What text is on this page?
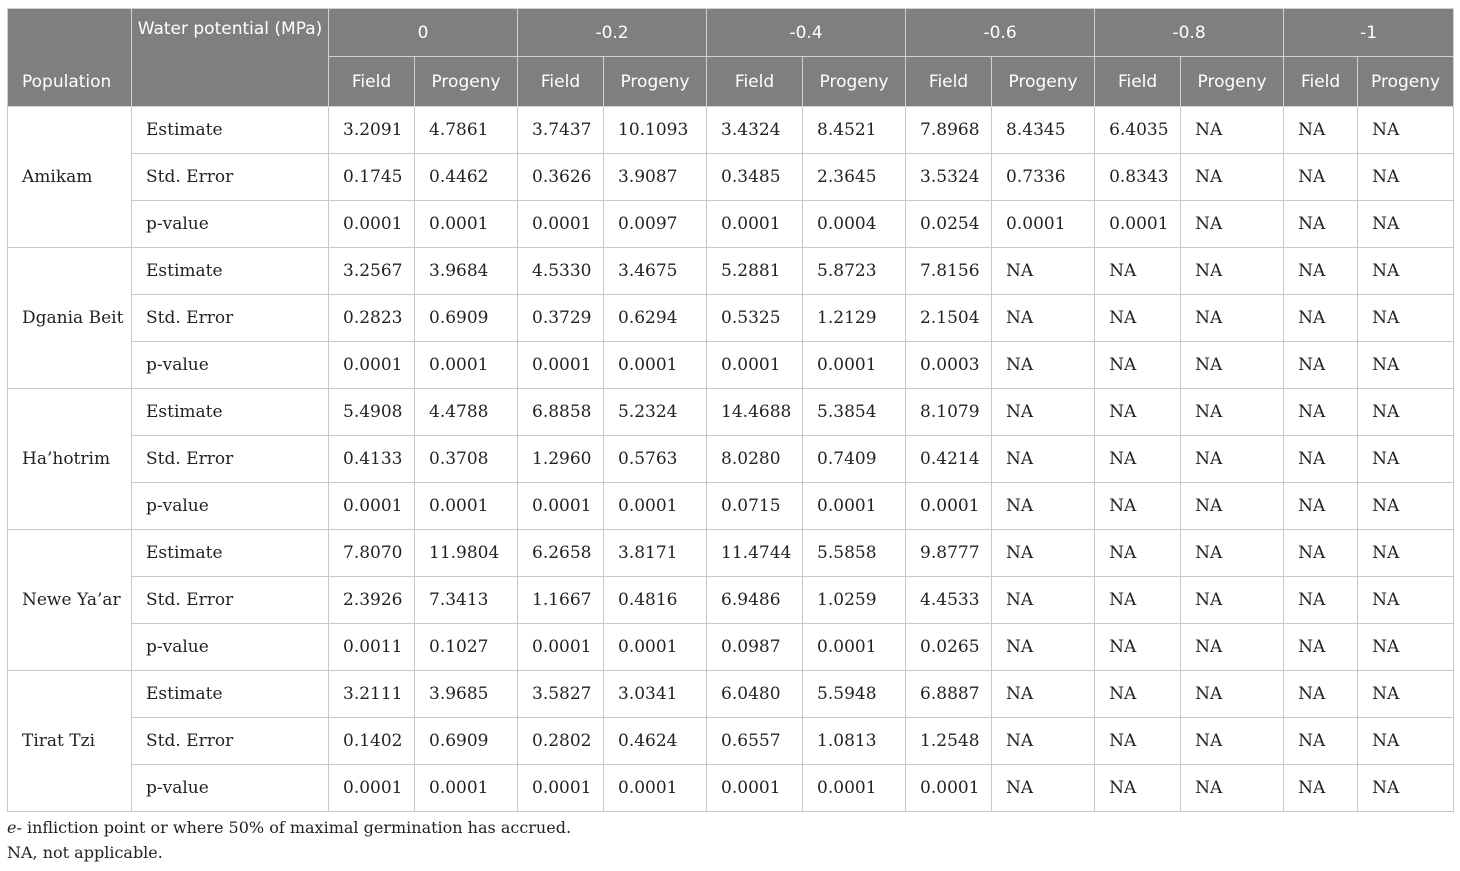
Population	Water potential (MPa)	0		-0.2		-0.4		-0.6		-0.8		-1	
		Field	Progeny	Field	Progeny	Field	Progeny	Field	Progeny	Field	Progeny	Field	Progeny
Amikam	Estimate	3.2091	4.7861	3.7437	10.1093	3.4324	8.4521	7.8968	8.4345	6.4035	NA	NA	NA
	Std. Error	0.1745	0.4462	0.3626	3.9087	0.3485	2.3645	3.5324	0.7336	0.8343	NA	NA	NA
	p-value	0.0001	0.0001	0.0001	0.0097	0.0001	0.0004	0.0254	0.0001	0.0001	NA	NA	NA
Dgania Beit	Estimate	3.2567	3.9684	4.5330	3.4675	5.2881	5.8723	7.8156	NA	NA	NA	NA	NA
	Std. Error	0.2823	0.6909	0.3729	0.6294	0.5325	1.2129	2.1504	NA	NA	NA	NA	NA
	p-value	0.0001	0.0001	0.0001	0.0001	0.0001	0.0001	0.0003	NA	NA	NA	NA	NA
Ha’hotrim	Estimate	5.4908	4.4788	6.8858	5.2324	14.4688	5.3854	8.1079	NA	NA	NA	NA	NA
	Std. Error	0.4133	0.3708	1.2960	0.5763	8.0280	0.7409	0.4214	NA	NA	NA	NA	NA
	p-value	0.0001	0.0001	0.0001	0.0001	0.0715	0.0001	0.0001	NA	NA	NA	NA	NA
Newe Ya’ar	Estimate	7.8070	11.9804	6.2658	3.8171	11.4744	5.5858	9.8777	NA	NA	NA	NA	NA
	Std. Error	2.3926	7.3413	1.1667	0.4816	6.9486	1.0259	4.4533	NA	NA	NA	NA	NA
	p-value	0.0011	0.1027	0.0001	0.0001	0.0987	0.0001	0.0265	NA	NA	NA	NA	NA
Tirat Tzi	Estimate	3.2111	3.9685	3.5827	3.0341	6.0480	5.5948	6.8887	NA	NA	NA	NA	NA
	Std. Error	0.1402	0.6909	0.2802	0.4624	0.6557	1.0813	1.2548	NA	NA	NA	NA	NA
	p-value	0.0001	0.0001	0.0001	0.0001	0.0001	0.0001	0.0001	NA	NA	NA	NA	NA
e- infliction point or where 50% of maximal germination has accrued.
NA, not applicable.
